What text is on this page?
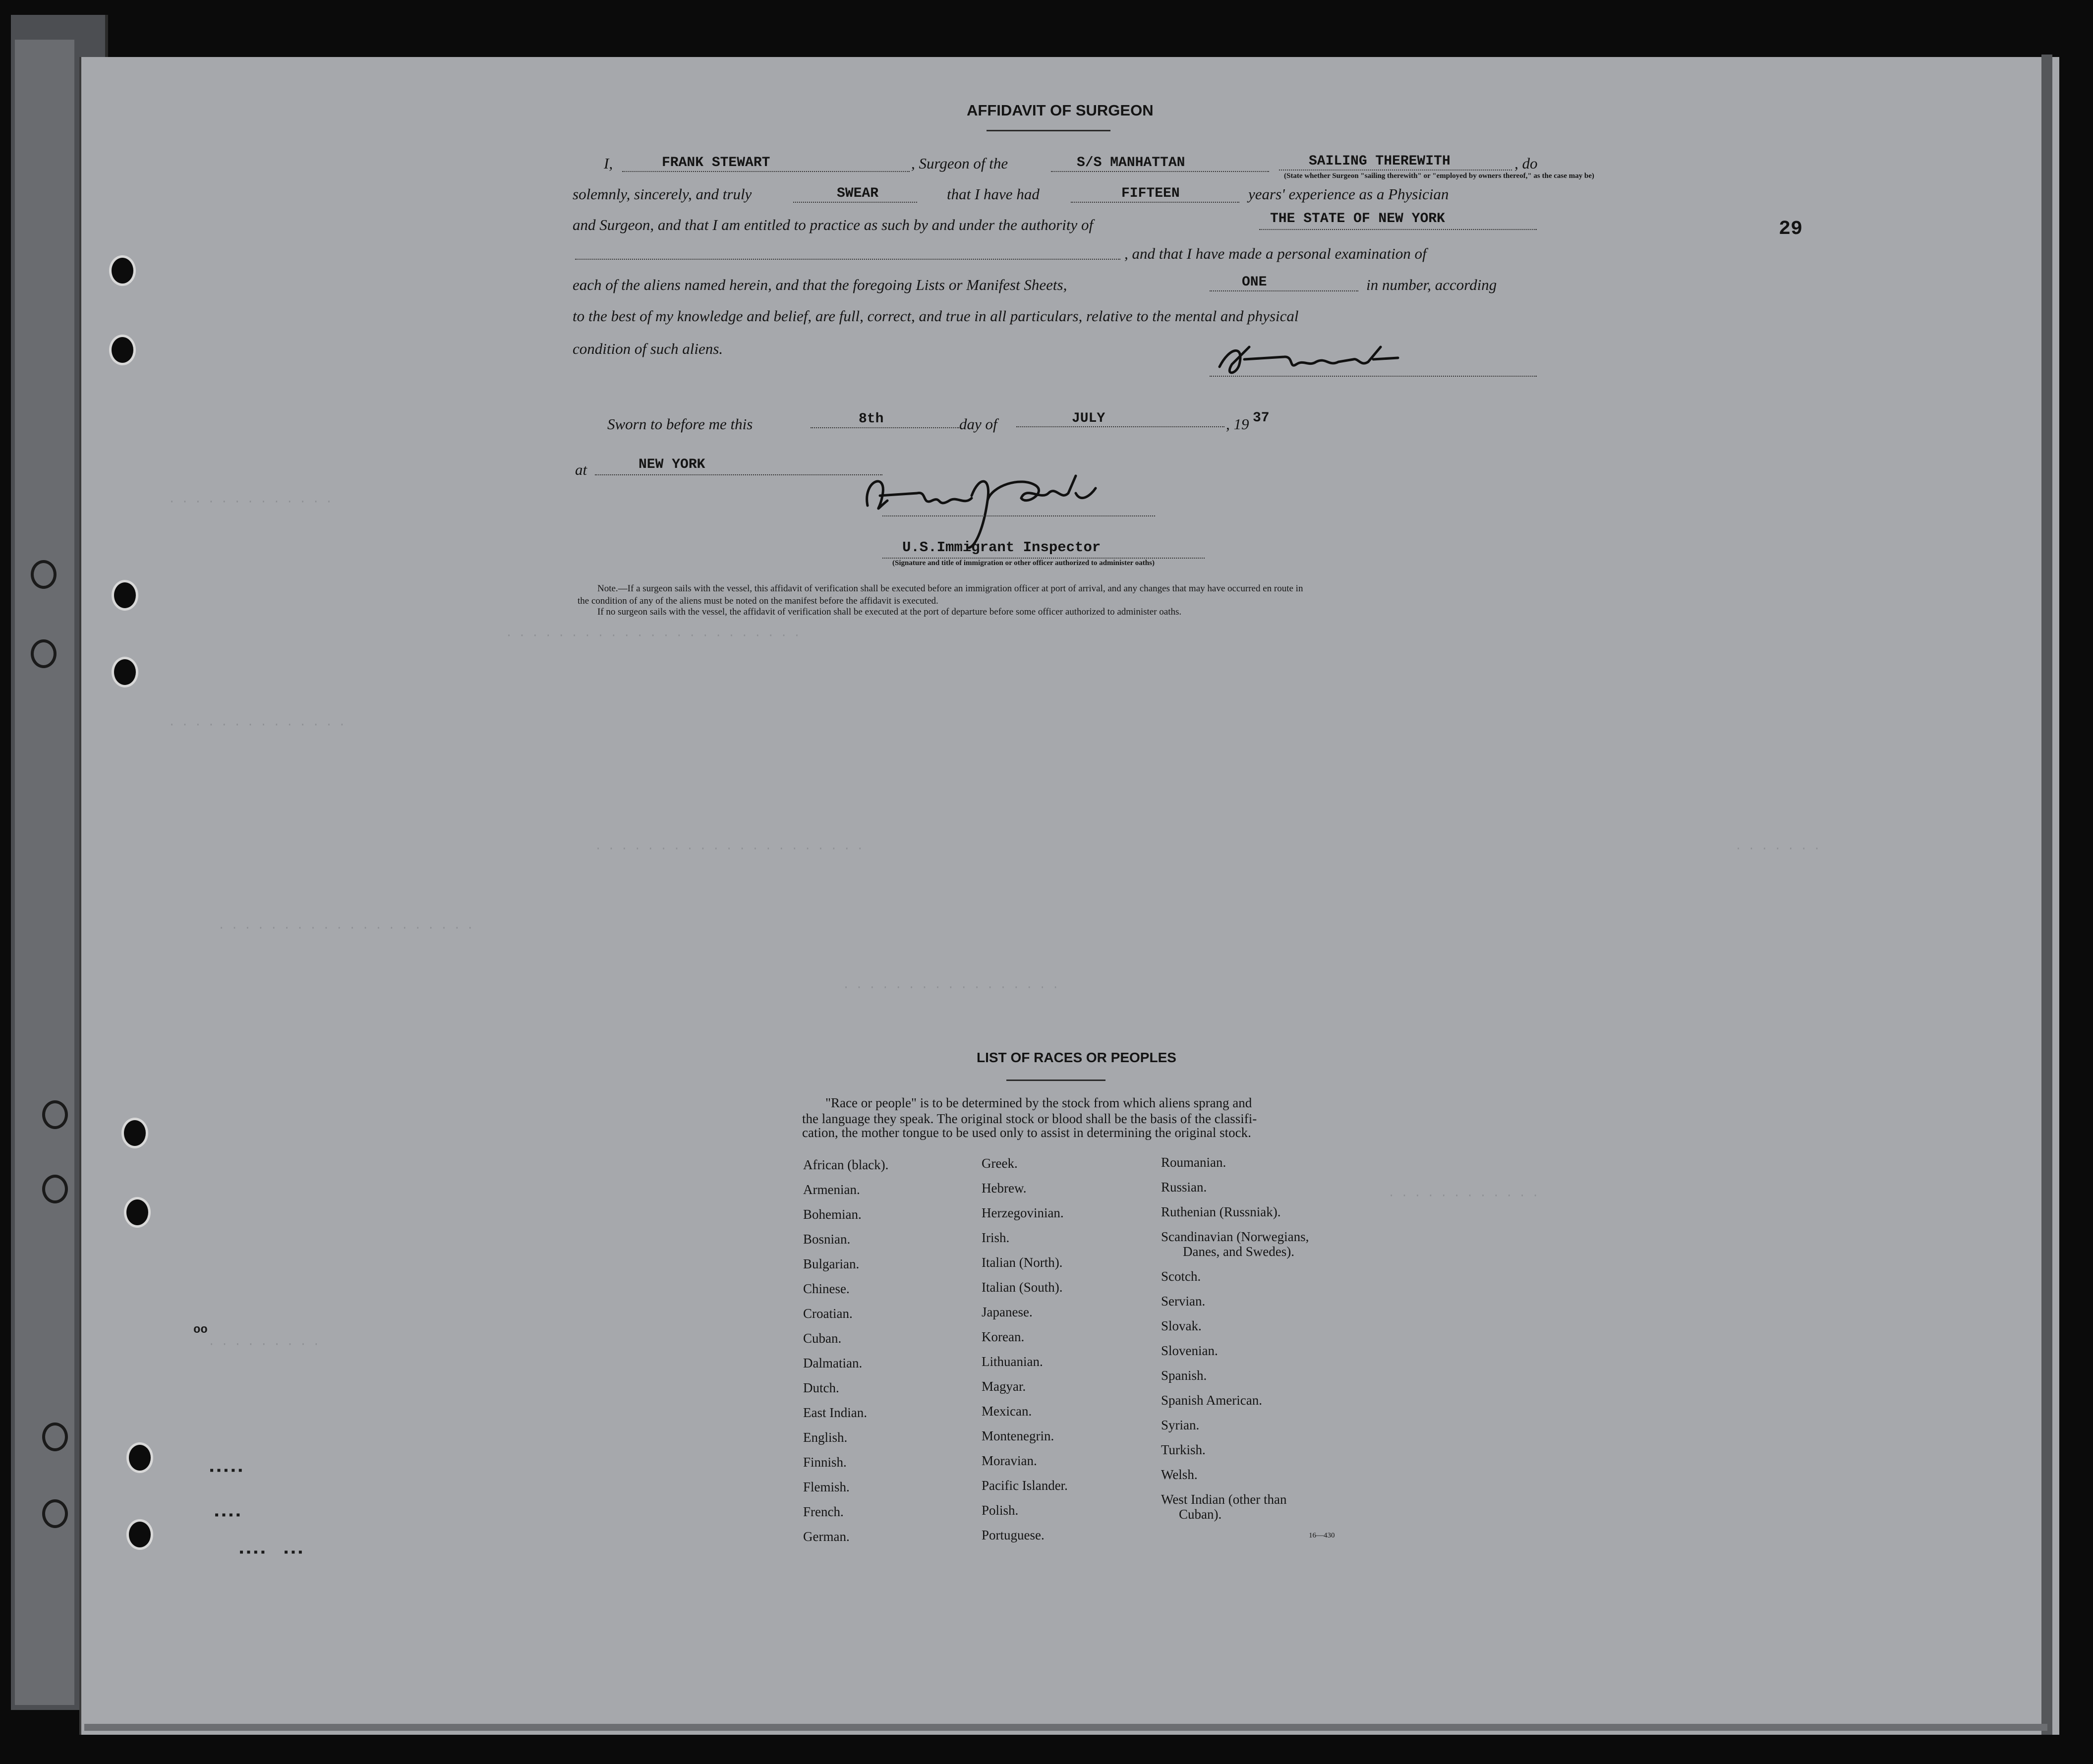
· · · · · · · · · · · · ·
· · · · · · · · · · · · · · · · · · · · · · ·
· · · · · · · · · · · · · ·
· · · · · · · · · · · · · · · · · · · · ·
· · · · · · · · · · · · · · · · · · · ·
· · · · · · · · · · · · · · · · ·
· · · · · · · · · · · ·
· · · · · · · · ·
· · · · · · ·
oo
▪▪▪▪▪
▪▪▪▪
▪▪▪▪ ▪▪▪
29
AFFIDAVIT OF SURGEON
I,	FRANK STEWART	, Surgeon of the	S/S MANHATTAN	SAILING THEREWITH	, do
(State whether Surgeon "sailing therewith" or "employed by owners thereof," as the case may be)
solemnly, sincerely, and truly	SWEAR	that I have had	FIFTEEN	years' experience as a Physician
and Surgeon, and that I am entitled to practice as such by and under the authority of	THE STATE OF NEW YORK
, and that I have made a personal examination of
each of the aliens named herein, and that the foregoing Lists or Manifest Sheets,	ONE	in number, according
to the best of my knowledge and belief, are full, correct, and true in all particulars, relative to the mental and physical
condition of such aliens.
Sworn to before me this	8th	day of	JULY	, 19 37
at	NEW YORK
U.S.Immigrant Inspector
(Signature and title of immigration or other officer authorized to administer oaths)
Note.—If a surgeon sails with the vessel, this affidavit of verification shall be executed before an immigration officer at port of arrival, and any changes that may have occurred en route in
the condition of any of the aliens must be noted on the manifest before the affidavit is executed.
If no surgeon sails with the vessel, the affidavit of verification shall be executed at the port of departure before some officer authorized to administer oaths.
LIST OF RACES OR PEOPLES
"Race or people" is to be determined by the stock from which aliens sprang and
the language they speak. The original stock or blood shall be the basis of the classifi-
cation, the mother tongue to be used only to assist in determining the original stock.
African (black).
Armenian.
Bohemian.
Bosnian.
Bulgarian.
Chinese.
Croatian.
Cuban.
Dalmatian.
Dutch.
East Indian.
English.
Finnish.
Flemish.
French.
German.
Greek.
Hebrew.
Herzegovinian.
Irish.
Italian (North).
Italian (South).
Japanese.
Korean.
Lithuanian.
Magyar.
Mexican.
Montenegrin.
Moravian.
Pacific Islander.
Polish.
Portuguese.
Roumanian.
Russian.
Ruthenian (Russniak).
Scandinavian (Norwegians,
Danes, and Swedes).
Scotch.
Servian.
Slovak.
Slovenian.
Spanish.
Spanish American.
Syrian.
Turkish.
Welsh.
West Indian (other than
Cuban).
16—430
